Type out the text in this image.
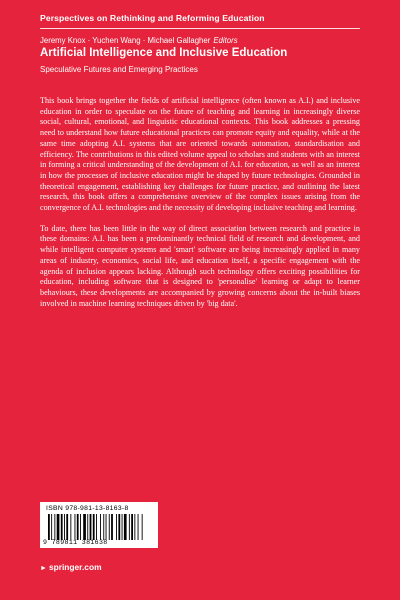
Perspectives on Rethinking and Reforming Education
Jeremy Knox · Yuchen Wang · Michael Gallagher Editors
Artificial Intelligence and Inclusive Education
Speculative Futures and Emerging Practices

This book brings together the fields of artificial intelligence (often known as A.I.) and inclusive education in order to speculate on the future of teaching and learning in increasingly diverse social, cultural, emotional, and linguistic educational contexts. This book addresses a pressing need to understand how future educational practices can promote equity and equality, while at the same time adopting A.I. systems that are oriented towards automation, standardisation and efficiency. The contributions in this edited volume appeal to scholars and students with an interest in forming a critical understanding of the development of A.I. for education, as well as an interest in how the processes of inclusive education might be shaped by future technologies. Grounded in theoretical engagement, establishing key challenges for future practice, and outlining the latest research, this book offers a comprehensive overview of the complex issues arising from the convergence of A.I. technologies and the necessity of developing inclusive teaching and learning.

To date, there has been little in the way of direct association between research and practice in these domains: A.I. has been a predominantly technical field of research and development, and while intelligent computer systems and 'smart' software are being increasingly applied in many areas of industry, economics, social life, and education itself, a specific engagement with the agenda of inclusion appears lacking. Although such technology offers exciting possibilities for education, including software that is designed to 'personalise' learning or adapt to learner behaviours, these developments are accompanied by growing concerns about the in-built biases involved in machine learning techniques driven by 'big data'.

ISBN 978-981-13-8163-8
9 789811 381638
► springer.com
